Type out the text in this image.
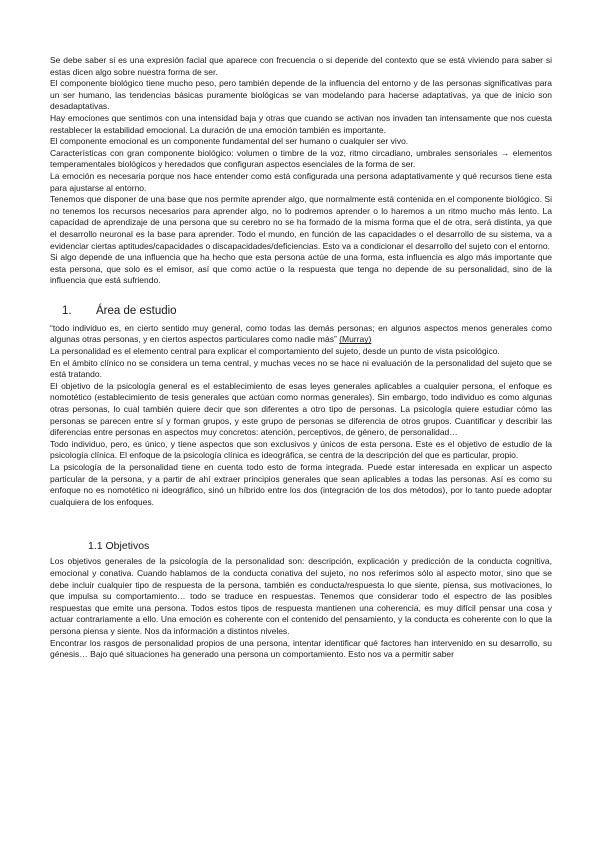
Se debe saber si es una expresión facial que aparece con frecuencia o si depende del contexto que se está viviendo para saber si estas dicen algo sobre nuestra forma de ser.

El componente biológico tiene mucho peso, pero también depende de la influencia del entorno y de las personas significativas para un ser humano, las tendencias básicas puramente biológicas se van modelando para hacerse adaptativas, ya que de inicio son desadaptativas.

Hay emociones que sentimos con una intensidad baja y otras que cuando se activan nos invaden tan intensamente que nos cuesta restablecer la estabilidad emocional. La duración de una emoción también es importante.

El componente emocional es un componente fundamental del ser humano o cualquier ser vivo.

Características con gran componente biológico: volumen o timbre de la voz, ritmo circadiano, umbrales sensoriales → elementos temperamentales biológicos y heredados que configuran aspectos esenciales de la forma de ser.

La emoción es necesaria porque nos hace entender como está configurada una persona adaptativamente y qué recursos tiene esta para ajustarse al entorno.

Tenemos que disponer de una base que nos permite aprender algo, que normalmente está contenida en el componente biológico. Si no tenemos los recursos necesarios para aprender algo, no lo podremos aprender o lo haremos a un ritmo mucho más lento. La capacidad de aprendizaje de una persona que su cerebro no se ha formado de la misma forma que el de otra, será distinta, ya que el desarrollo neuronal es la base para aprender. Todo el mundo, en función de las capacidades o el desarrollo de su sistema, va a evidenciar ciertas aptitudes/capacidades o discapacidades/deficiencias. Esto va a condicionar el desarrollo del sujeto con el entorno.

Si algo depende de una influencia que ha hecho que esta persona actúe de una forma, esta influencia es algo más importante que esta persona, que solo es el emisor, así que como actúe o la respuesta que tenga no depende de su personalidad, sino de la influencia que está sufriendo.

1. Área de estudio

“todo individuo es, en cierto sentido muy general, como todas las demás personas; en algunos aspectos menos generales como algunas otras personas, y en ciertos aspectos particulares como nadie más” (Murray)

La personalidad es el elemento central para explicar el comportamiento del sujeto, desde un punto de vista psicológico.

En el ámbito clínico no se considera un tema central, y muchas veces no se hace ni evaluación de la personalidad del sujeto que se está tratando.

El objetivo de la psicología general es el establecimiento de esas leyes generales aplicables a cualquier persona, el enfoque es nomotético (establecimiento de tesis generales que actúan como normas generales). Sin embargo, todo individuo es como algunas otras personas, lo cual también quiere decir que son diferentes a otro tipo de personas. La psicología quiere estudiar cómo las personas se parecen entre sí y forman grupos, y este grupo de personas se diferencia de otros grupos. Cuantificar y describir las diferencias entre personas en aspectos muy concretos: atención, perceptivos, de género, de personalidad…

Todo individuo, pero, es único, y tiene aspectos que son exclusivos y únicos de esta persona. Este es el objetivo de estudio de la psicología clínica. El enfoque de la psicología clínica es ideográfica, se centra de la descripción del que es particular, propio.

La psicología de la personalidad tiene en cuenta todo esto de forma integrada. Puede estar interesada en explicar un aspecto particular de la persona, y a partir de ahí extraer principios generales que sean aplicables a todas las personas. Así es como su enfoque no es nomotético ni ideográfico, sinó un híbrido entre los dos (integración de los dos métodos), por lo tanto puede adoptar cualquiera de los enfoques.

1.1 Objetivos

Los objetivos generales de la psicología de la personalidad son: descripción, explicación y predicción de la conducta cognitiva, emocional y conativa. Cuando hablamos de la conducta conativa del sujeto, no nos referimos sólo al aspecto motor, sino que se debe incluir cualquier tipo de respuesta de la persona, también es conducta/respuesta lo que siente, piensa, sus motivaciones, lo que impulsa su comportamiento… todo se traduce en respuestas. Tenemos que considerar todo el espectro de las posibles respuestas que emite una persona. Todos estos tipos de respuesta mantienen una coherencia, es muy difícil pensar una cosa y actuar contrariamente a ello. Una emoción es coherente con el contenido del pensamiento, y la conducta es coherente con lo que la persona piensa y siente. Nos da información a distintos niveles.

Encontrar los rasgos de personalidad propios de una persona, intentar identificar qué factores han intervenido en su desarrollo, su génesis… Bajo qué situaciones ha generado una persona un comportamiento. Esto nos va a permitir saber
